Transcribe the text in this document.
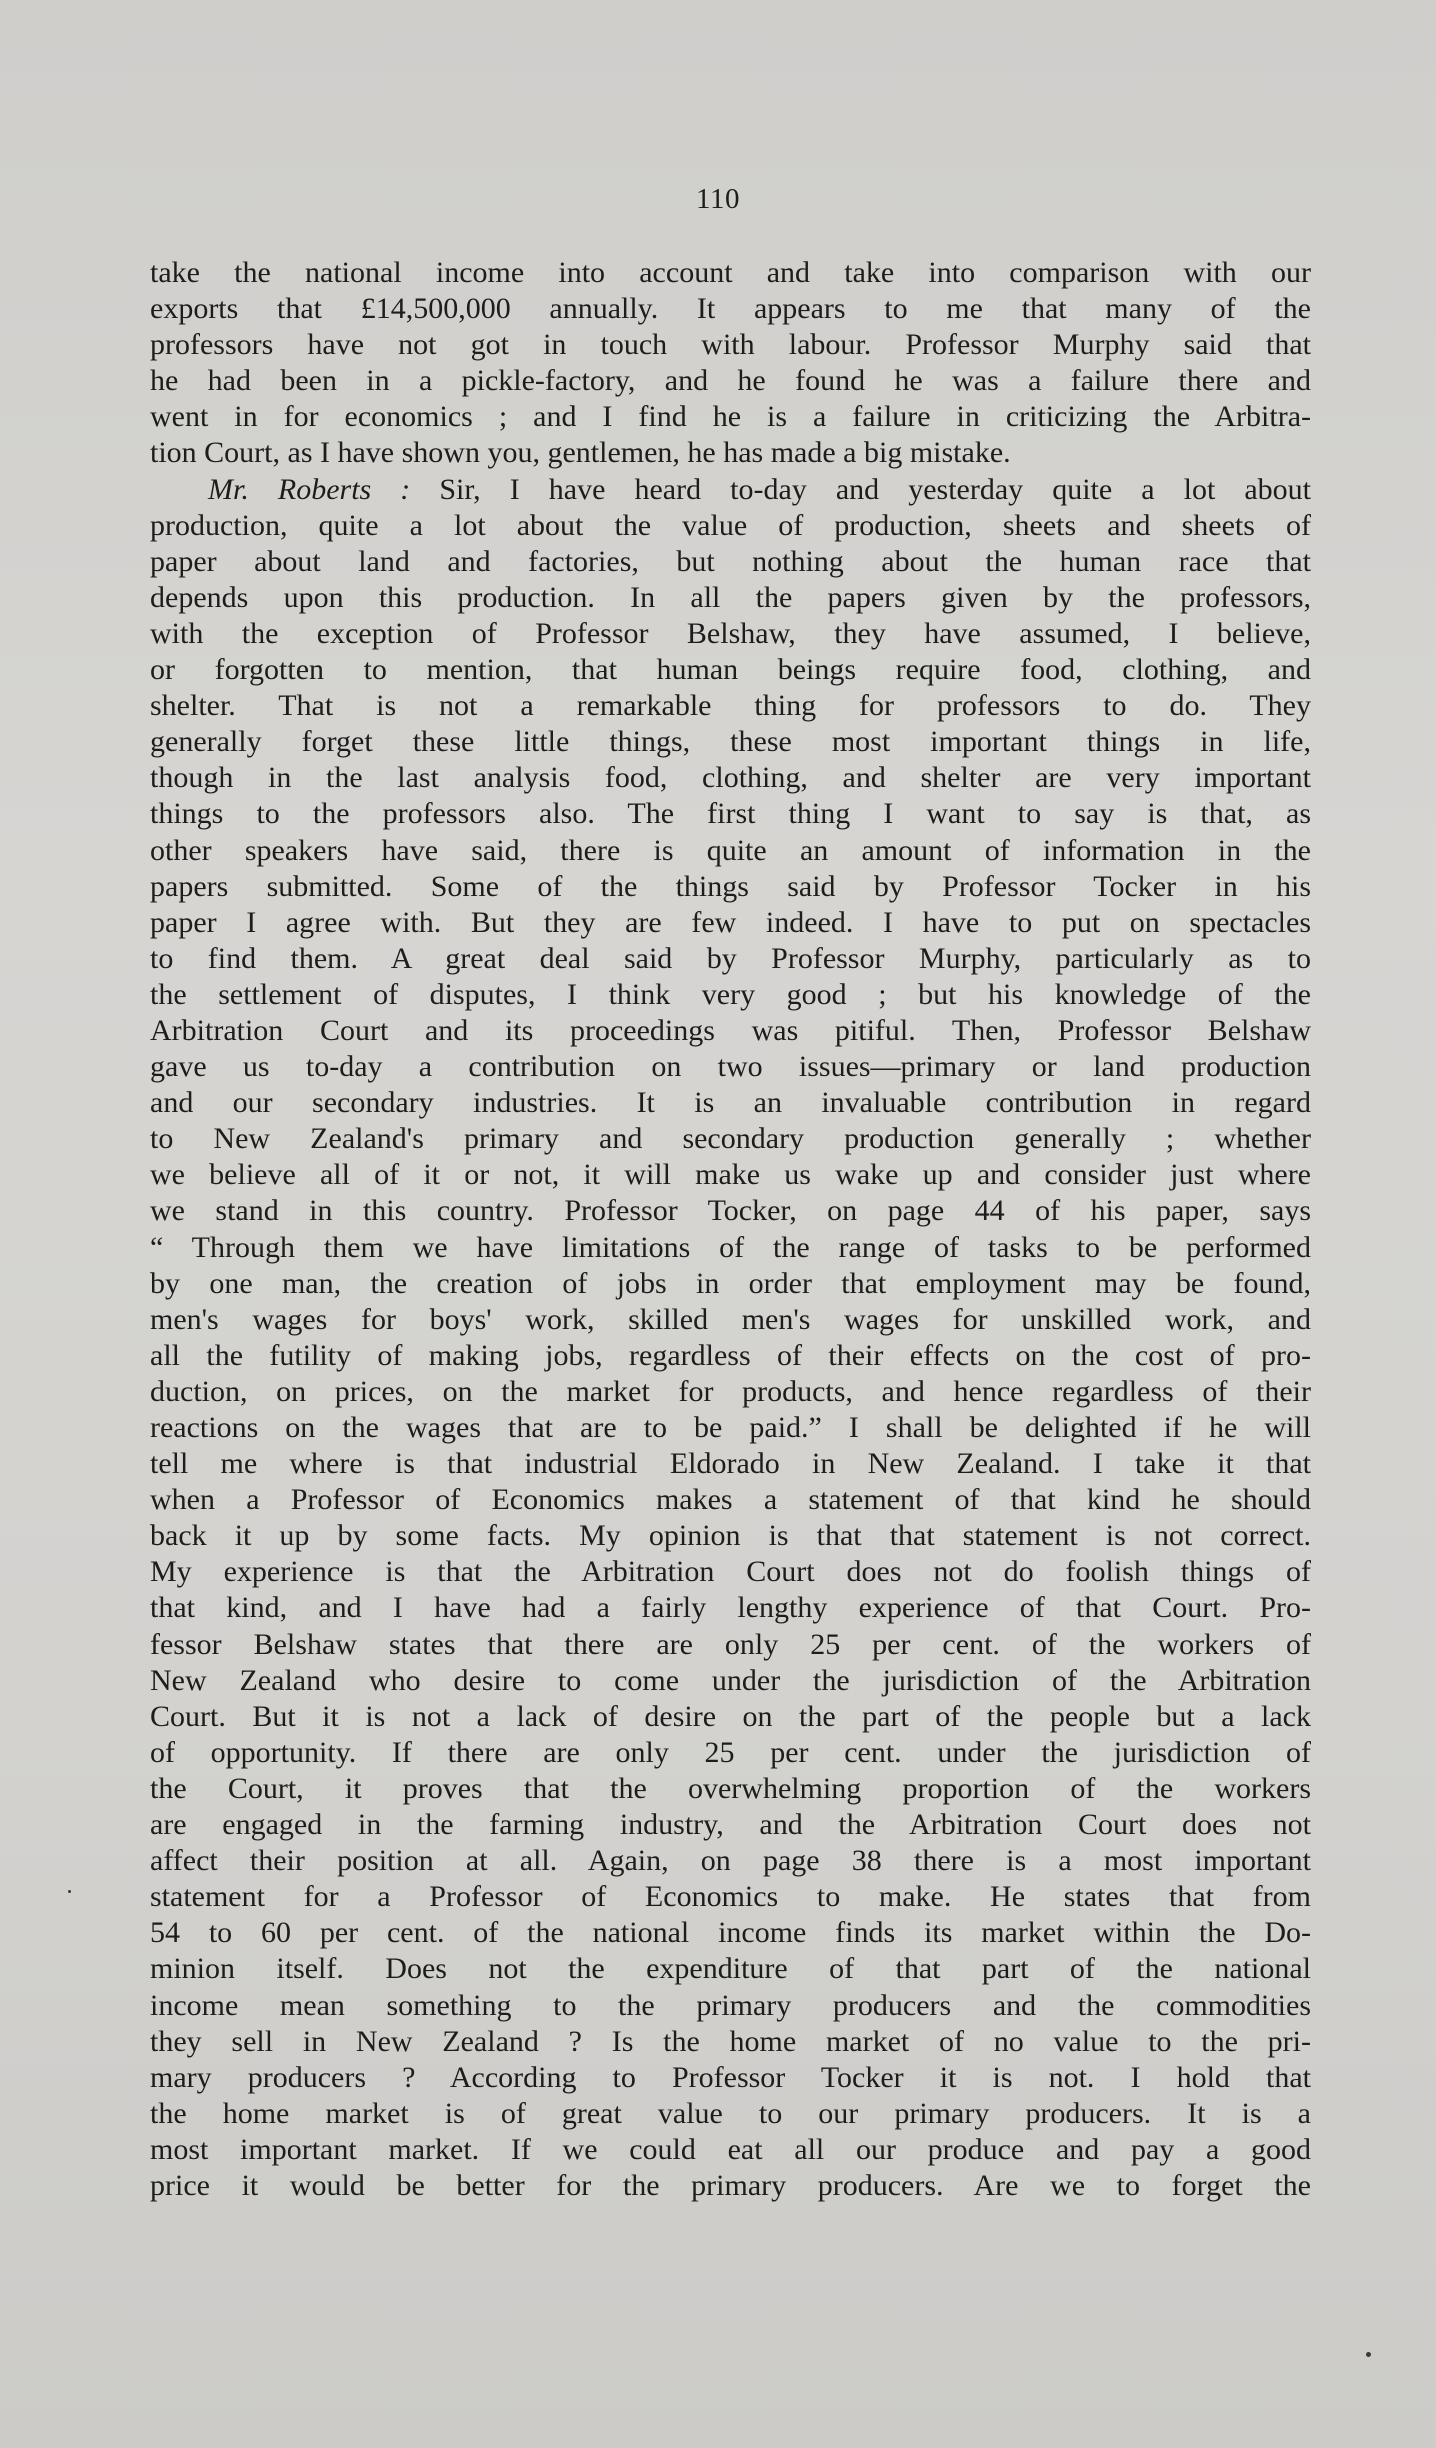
110
take the national income into account and take into comparison with our
exports that £14,500,000 annually. It appears to me that many of the
professors have not got in touch with labour. Professor Murphy said that
he had been in a pickle-factory, and he found he was a failure there and
went in for economics ; and I find he is a failure in criticizing the Arbitra-
tion Court, as I have shown you, gentlemen, he has made a big mistake.
Mr. Roberts : Sir, I have heard to-day and yesterday quite a lot about
production, quite a lot about the value of production, sheets and sheets of
paper about land and factories, but nothing about the human race that
depends upon this production. In all the papers given by the professors,
with the exception of Professor Belshaw, they have assumed, I believe,
or forgotten to mention, that human beings require food, clothing, and
shelter. That is not a remarkable thing for professors to do. They
generally forget these little things, these most important things in life,
though in the last analysis food, clothing, and shelter are very important
things to the professors also. The first thing I want to say is that, as
other speakers have said, there is quite an amount of information in the
papers submitted. Some of the things said by Professor Tocker in his
paper I agree with. But they are few indeed. I have to put on spectacles
to find them. A great deal said by Professor Murphy, particularly as to
the settlement of disputes, I think very good ; but his knowledge of the
Arbitration Court and its proceedings was pitiful. Then, Professor Belshaw
gave us to-day a contribution on two issues—primary or land production
and our secondary industries. It is an invaluable contribution in regard
to New Zealand's primary and secondary production generally ; whether
we believe all of it or not, it will make us wake up and consider just where
we stand in this country. Professor Tocker, on page 44 of his paper, says
“ Through them we have limitations of the range of tasks to be performed
by one man, the creation of jobs in order that employment may be found,
men's wages for boys' work, skilled men's wages for unskilled work, and
all the futility of making jobs, regardless of their effects on the cost of pro-
duction, on prices, on the market for products, and hence regardless of their
reactions on the wages that are to be paid.” I shall be delighted if he will
tell me where is that industrial Eldorado in New Zealand. I take it that
when a Professor of Economics makes a statement of that kind he should
back it up by some facts. My opinion is that that statement is not correct.
My experience is that the Arbitration Court does not do foolish things of
that kind, and I have had a fairly lengthy experience of that Court. Pro-
fessor Belshaw states that there are only 25 per cent. of the workers of
New Zealand who desire to come under the jurisdiction of the Arbitration
Court. But it is not a lack of desire on the part of the people but a lack
of opportunity. If there are only 25 per cent. under the jurisdiction of
the Court, it proves that the overwhelming proportion of the workers
are engaged in the farming industry, and the Arbitration Court does not
affect their position at all. Again, on page 38 there is a most important
statement for a Professor of Economics to make. He states that from
54 to 60 per cent. of the national income finds its market within the Do-
minion itself. Does not the expenditure of that part of the national
income mean something to the primary producers and the commodities
they sell in New Zealand ? Is the home market of no value to the pri-
mary producers ? According to Professor Tocker it is not. I hold that
the home market is of great value to our primary producers. It is a
most important market. If we could eat all our produce and pay a good
price it would be better for the primary producers. Are we to forget the
